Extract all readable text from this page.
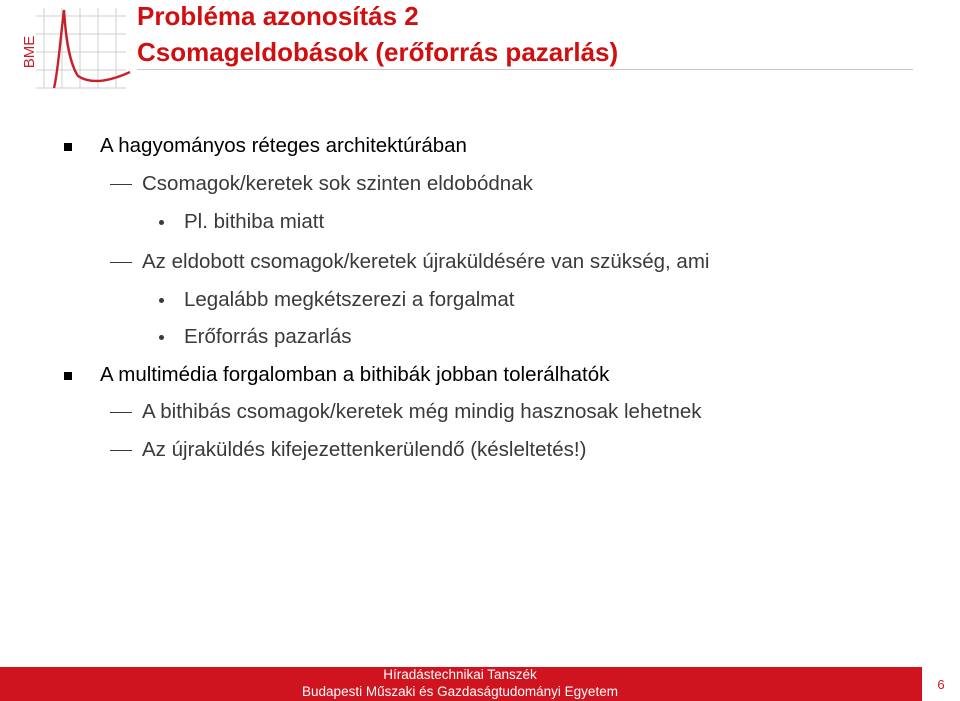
BME
Probléma azonosítás 2
Csomageldobások (erőforrás pazarlás)

A hagyományos réteges architektúrában

Csomagok/keretek sok szinten eldobódnak

Pl. bithiba miatt

Az eldobott csomagok/keretek újraküldésére van szükség, ami

Legalább megkétszerezi a forgalmat

Erőforrás pazarlás

A multimédia forgalomban a bithibák jobban tolerálhatók

A bithibás csomagok/keretek még mindig hasznosak lehetnek

Az újraküldés kifejezettenkerülendő (késleltetés!)

Híradástechnikai Tanszék

Budapesti Műszaki és Gazdaságtudományi Egyetem	6
